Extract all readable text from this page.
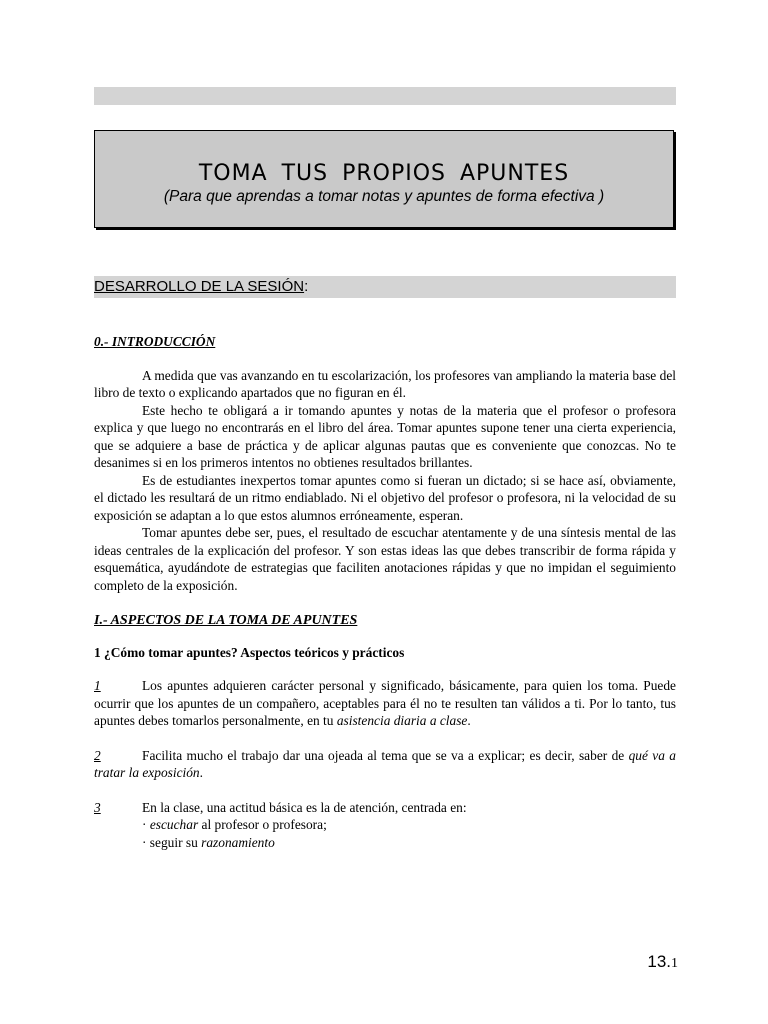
TOMA TUS PROPIOS APUNTES
(Para que aprendas a tomar notas y apuntes de forma efectiva )
DESARROLLO DE LA SESIÓN:
0.- INTRODUCCIÓN

A medida que vas avanzando en tu escolarización, los profesores van ampliando la materia base del libro de texto o explicando apartados que no figuran en él.

Este hecho te obligará a ir tomando apuntes y notas de la materia que el profesor o profesora explica y que luego no encontrarás en el libro del área. Tomar apuntes supone tener una cierta experiencia, que se adquiere a base de práctica y de aplicar algunas pautas que es conveniente que conozcas. No te desanimes si en los primeros intentos no obtienes resultados brillantes.

Es de estudiantes inexpertos tomar apuntes como si fueran un dictado; si se hace así, obviamente, el dictado les resultará de un ritmo endiablado. Ni el objetivo del profesor o profesora, ni la velocidad de su exposición se adaptan a lo que estos alumnos erróneamente, esperan.

Tomar apuntes debe ser, pues, el resultado de escuchar atentamente y de una síntesis mental de las ideas centrales de la explicación del profesor. Y son estas ideas las que debes transcribir de forma rápida y esquemática, ayudándote de estrategias que faciliten anotaciones rápidas y que no impidan el seguimiento completo de la exposición.

I.- ASPECTOS DE LA TOMA DE APUNTES
1 ¿Cómo tomar apuntes? Aspectos teóricos y prácticos
1	Los apuntes adquieren carácter personal y significado, básicamente, para quien los toma. Puede ocurrir que los apuntes de un compañero, aceptables para él no te resulten tan válidos a ti. Por lo tanto, tus apuntes debes tomarlos personalmente, en tu asistencia diaria a clase.
2	Facilita mucho el trabajo dar una ojeada al tema que se va a explicar; es decir, saber de qué va a tratar la exposición.
3	En la clase, una actitud básica es la de atención, centrada en:
· escuchar al profesor o profesora;
· seguir su razonamiento
13.1
